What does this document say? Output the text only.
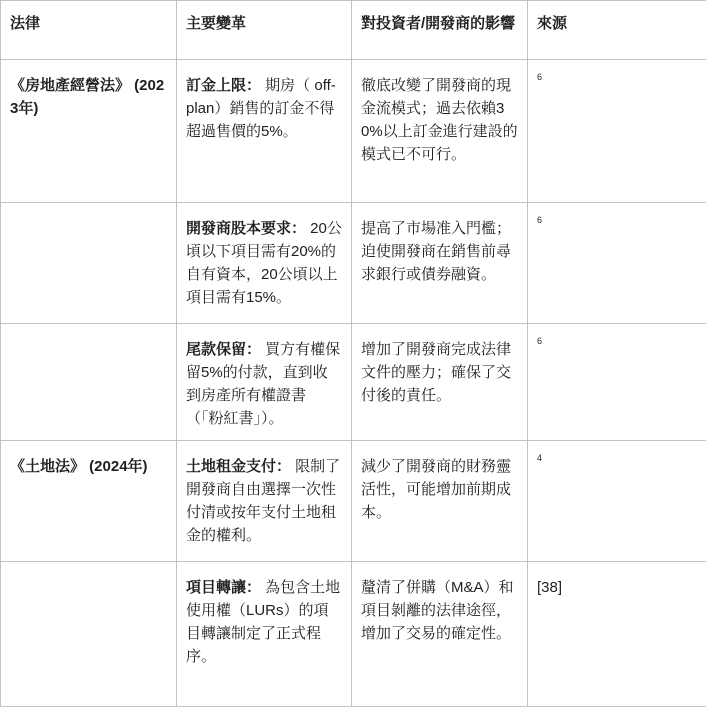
法律	主要變革	對投資者/開發商的影響	來源
《房地產經營法》 (2023年)	訂金上限： 期房（ off-plan）銷售的訂金不得超過售價的5%。	徹底改變了開發商的現金流模式；過去依賴30%以上訂金進行建設的模式已不可行。	$^6$
	開發商股本要求： 20公頃以下項目需有20%的自有資本，20公頃以上項目需有15%。	提高了市場准入門檻；迫使開發商在銷售前尋求銀行或債券融資。	$^6$
	尾款保留： 買方有權保留5%的付款，直到收到房產所有權證書（「粉紅書」）。	增加了開發商完成法律文件的壓力；確保了交付後的責任。	$^6$
《土地法》 (2024年)	土地租金支付： 限制了開發商自由選擇一次性付清或按年支付土地租金的權利。	減少了開發商的財務靈活性，可能增加前期成本。	$^4$
	項目轉讓： 為包含土地使用權（LURs）的項目轉讓制定了正式程序。	釐清了併購（M&A）和項目剝離的法律途徑，增加了交易的確定性。	[38]
